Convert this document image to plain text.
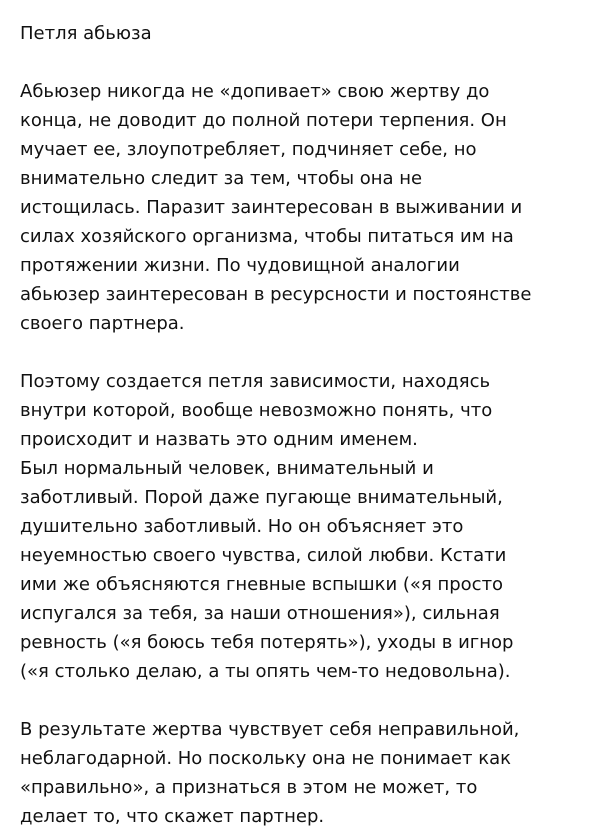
Петля абьюза
Абьюзер никогда не «допивает» свою жертву до
конца, не доводит до полной потери терпения. Он
мучает ее, злоупотребляет, подчиняет себе, но
внимательно следит за тем, чтобы она не
истощилась. Паразит заинтересован в выживании и
силах хозяйского организма, чтобы питаться им на
протяжении жизни. По чудовищной аналогии
абьюзер заинтересован в ресурсности и постоянстве
своего партнера.
Поэтому создается петля зависимости, находясь
внутри которой, вообще невозможно понять, что
происходит и назвать это одним именем.
Был нормальный человек, внимательный и
заботливый. Порой даже пугающе внимательный,
душительно заботливый. Но он объясняет это
неуемностью своего чувства, силой любви. Кстати
ими же объясняются гневные вспышки («я просто
испугался за тебя, за наши отношения»), сильная
ревность («я боюсь тебя потерять»), уходы в игнор
(«я столько делаю, а ты опять чем-то недовольна).
В результате жертва чувствует себя неправильной,
неблагодарной. Но поскольку она не понимает как
«правильно», а признаться в этом не может, то
делает то, что скажет партнер.
